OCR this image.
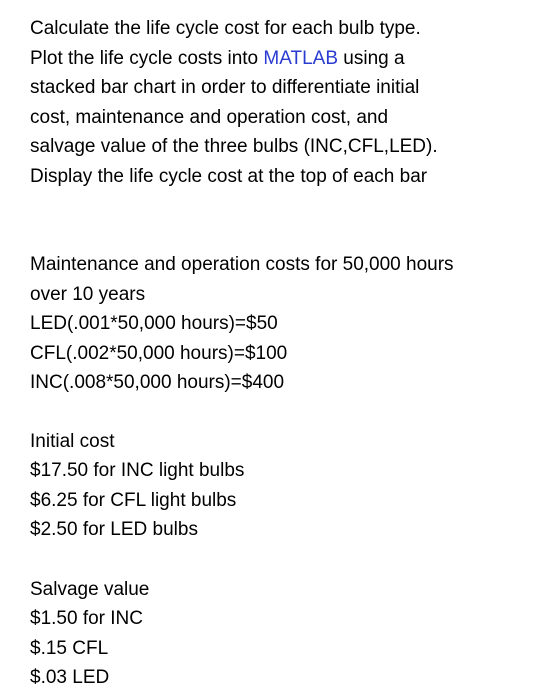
Calculate the life cycle cost for each bulb type.
Plot the life cycle costs into MATLAB using a
stacked bar chart in order to differentiate initial
cost, maintenance and operation cost, and
salvage value of the three bulbs (INC,CFL,LED).
Display the life cycle cost at the top of each bar
Maintenance and operation costs for 50,000 hours
over 10 years
LED(.001*50,000 hours)=$50
CFL(.002*50,000 hours)=$100
INC(.008*50,000 hours)=$400
Initial cost
$17.50 for INC light bulbs
$6.25 for CFL light bulbs
$2.50 for LED bulbs
Salvage value
$1.50 for INC
$.15 CFL
$.03 LED
